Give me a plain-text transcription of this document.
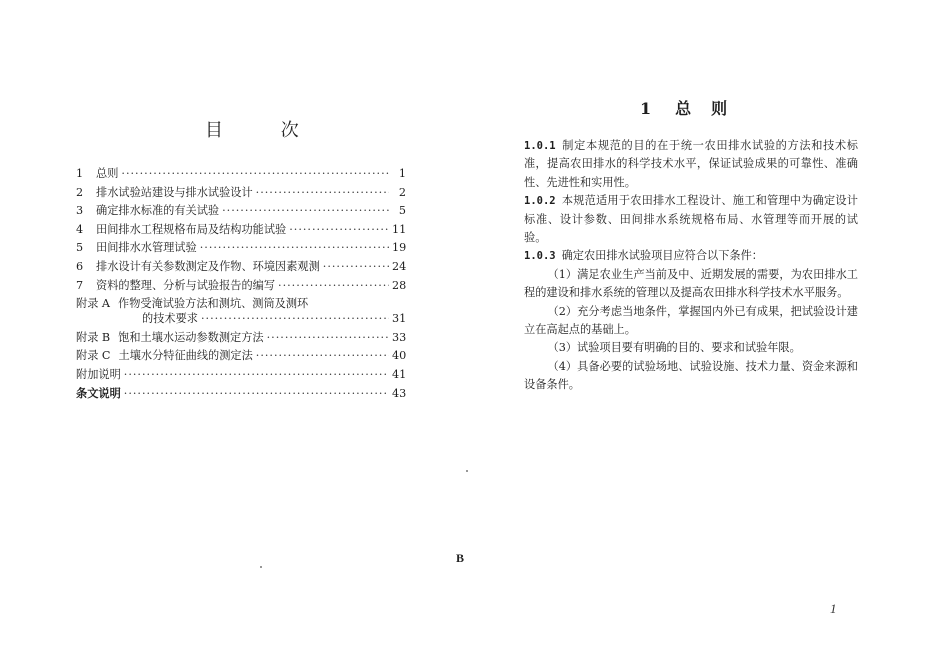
目 次
1	总则 ·····	1
2	排水试验站建设与排水试验设计 ·····	2
3	确定排水标准的有关试验 ·····	5
4	田间排水工程规格布局及结构功能试验 ·····	11
5	田间排水水管理试验 ·····	19
6	排水设计有关参数测定及作物、环境因素观测 ·····	24
7	资料的整理、分析与试验报告的编写 ·····	28
附录 A 作物受淹试验方法和测坑、测筒及测环
的技术要求 ·····	31
附录 B 饱和土壤水运动参数测定方法 ·····	33
附录 C 土壤水分特征曲线的测定法 ·····	40
附加说明 ·····	41
条文说明 ·····	43
B
1 总则

1.0.1 制定本规范的目的在于统一农田排水试验的方法和技术标准，提高农田排水的科学技术水平，保证试验成果的可靠性、准确性、先进性和实用性。

1.0.2 本规范适用于农田排水工程设计、施工和管理中为确定设计标准、设计参数、田间排水系统规格布局、水管理等而开展的试验。

1.0.3 确定农田排水试验项目应符合以下条件：

（1）满足农业生产当前及中、近期发展的需要，为农田排水工程的建设和排水系统的管理以及提高农田排水科学技术水平服务。

（2）充分考虑当地条件，掌握国内外已有成果，把试验设计建立在高起点的基础上。

（3）试验项目要有明确的目的、要求和试验年限。

（4）具备必要的试验场地、试验设施、技术力量、资金来源和设备条件。

1
